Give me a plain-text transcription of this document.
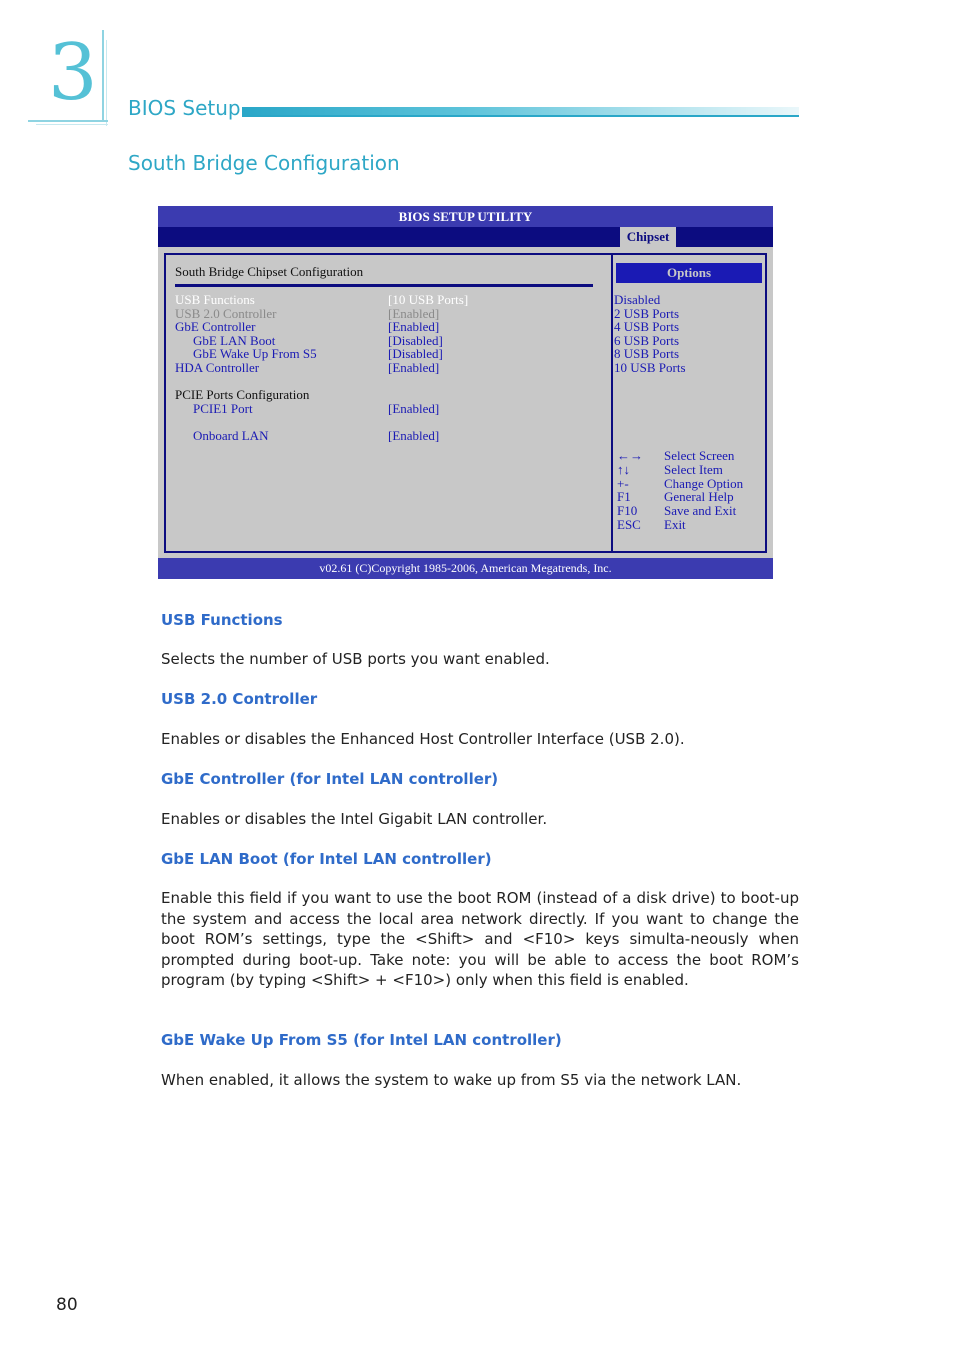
3 BIOS Setup
South Bridge Configuration
BIOS SETUP UTILITY
Chipset
South Bridge Chipset Configuration
USB Functions	[10 USB Ports]
USB 2.0 Controller	[Enabled]
GbE Controller	[Enabled]
GbE LAN Boot	[Disabled]
GbE Wake Up From S5	[Disabled]
HDA Controller	[Enabled]
PCIE Ports Configuration
PCIE1 Port	[Enabled]
Onboard LAN	[Enabled]
Options
Disabled
2 USB Ports
4 USB Ports
6 USB Ports
8 USB Ports
10 USB Ports
←→ Select Screen
↑↓	Select Item
+-	Change Option
F1	General Help
F10 Save and Exit
ESC Exit
v02.61 (C)Copyright 1985-2006, American Megatrends, Inc.
USB Functions
Selects the number of USB ports you want enabled.
USB 2.0 Controller
Enables or disables the Enhanced Host Controller Interface (USB 2.0).
GbE Controller (for Intel LAN controller)
Enables or disables the Intel Gigabit LAN controller.
GbE LAN Boot (for Intel LAN controller)
Enable this field if you want to use the boot ROM (instead of a disk drive) to boot-up the system and access the local area network directly. If you want to change the boot ROM’s settings, type the <Shift> and <F10> keys simulta-neously when prompted during boot-up. Take note: you will be able to access the boot ROM’s program (by typing <Shift> + <F10>) only when this field is enabled.
GbE Wake Up From S5 (for Intel LAN controller)
When enabled, it allows the system to wake up from S5 via the network LAN.
80
